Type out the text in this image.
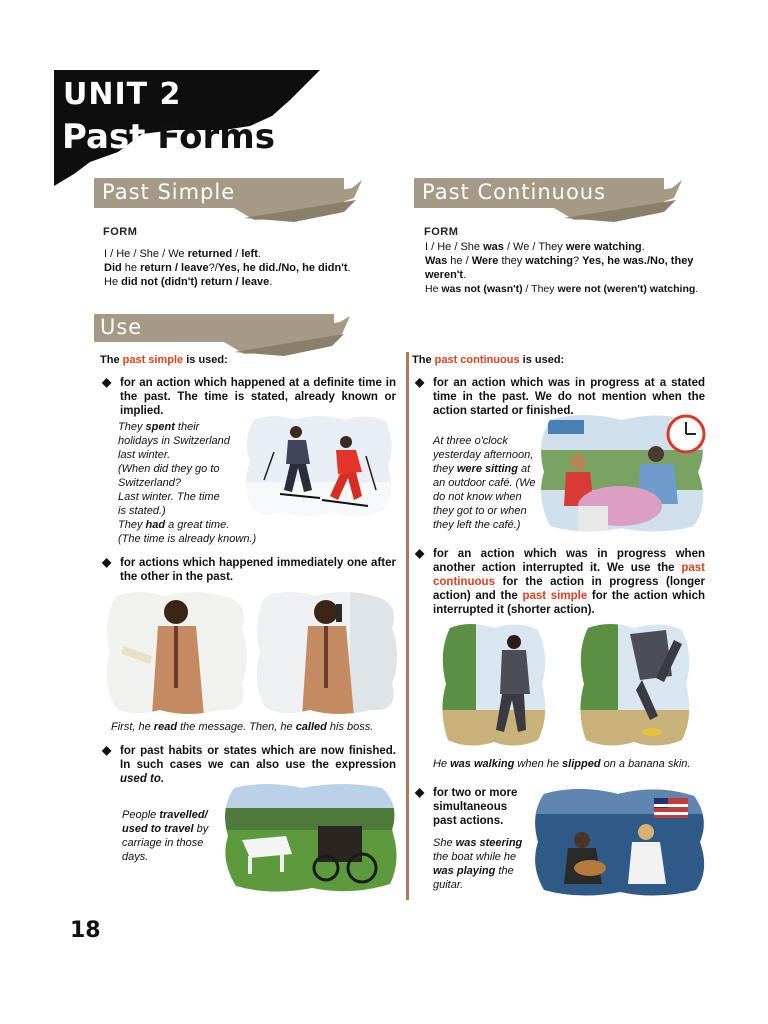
UNIT 2
Past Forms
Past Simple
FORM
I / He / She / We returned / left.
Did he return / leave?/Yes, he did./No, he didn't.
He did not (didn't) return / leave.
Past Continuous
FORM
I / He / She was / We / They were watching.
Was he / Were they watching? Yes, he was./No, they weren't.
He was not (wasn't) / They were not (weren't) watching.
Use
The past simple is used:
◆ for an action which happened at a definite time in the past. The time is stated, already known or implied.
They spent their
holidays in Switzerland
last winter.
(When did they go to
Switzerland?
Last winter. The time
is stated.)
They had a great time.
(The time is already known.)
◆ for actions which happened immediately one after the other in the past.
First, he read the message. Then, he called his boss.
◆ for past habits or states which are now finished. In such cases we can also use the expression used to.
People travelled/
used to travel by
carriage in those
days.
The past continuous is used:
◆ for an action which was in progress at a stated time in the past. We do not mention when the action started or finished.
At three o'clock
yesterday afternoon,
they were sitting at
an outdoor café. (We
do not know when
they got to or when
they left the café.)
◆ for an action which was in progress when another action interrupted it. We use the past continuous for the action in progress (longer action) and the past simple for the action which interrupted it (shorter action).
He was walking when he slipped on a banana skin.
◆ for two or more simultaneous past actions.
She was steering
the boat while he
was playing the
guitar.
18
